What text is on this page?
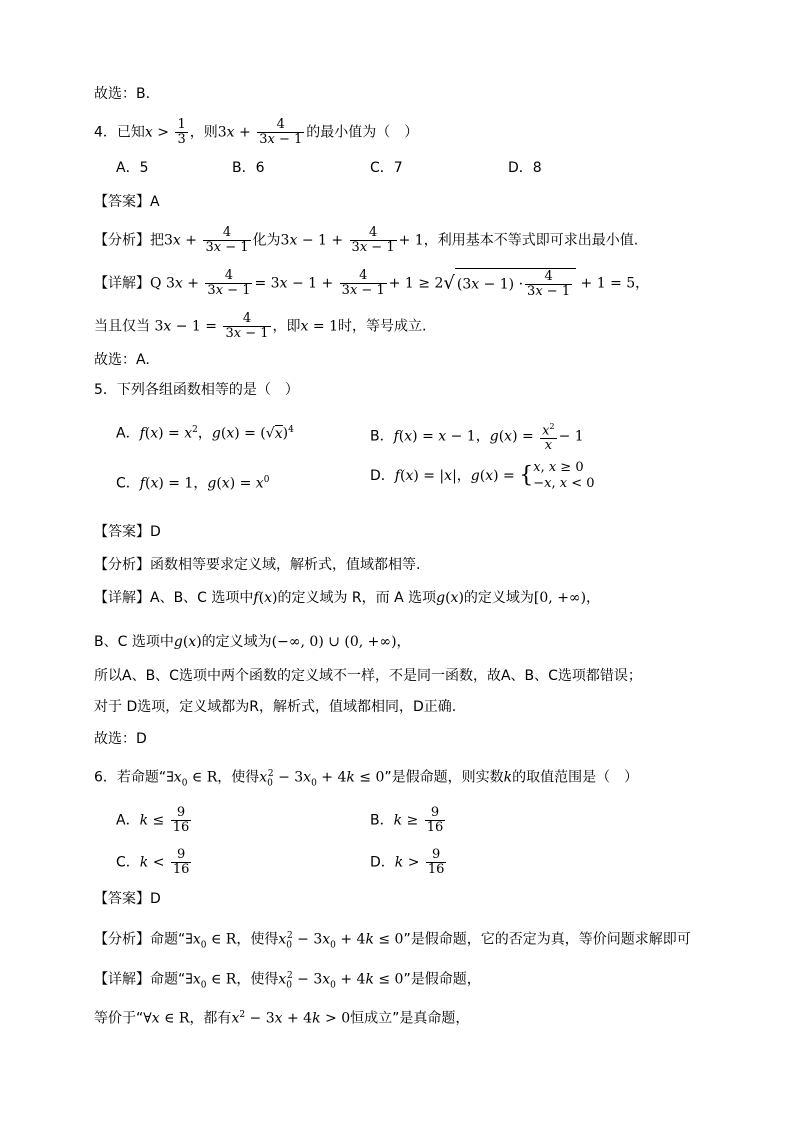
故选：B.
4．已知$x > \frac{1}{3}$ ，则$3x + \frac{4}{3x - 1}$ 的最小值为（　）
A．5	B．6	C．7	D．8
【答案】A
【分析】把$3x + \frac{4}{3x - 1}$ 化为$3x - 1 + \frac{4}{3x - 1} + 1$，利用基本不等式即可求出最小值.
【详解】Q $3x + \frac{4}{3x - 1} = 3x - 1 + \frac{4}{3x - 1} + 1 \ge 2√$ $(3x - 1) \cdot \frac{4}{3x - 1} + 1 = 5$，
当且仅当 $3x - 1 = \frac{4}{3x - 1}$ ，即x = 1时，等号成立.
故选：A.
5．下列各组函数相等的是（　）
A．$f(x) = x^2$，$g(x) = (√x)^4$	B．f(x) = x − 1，$g(x) = \frac{x^2}{x} - 1$
C．f(x) = 1，$g(x) = x^0$	D．f(x) = |x|，g(x) = { x, x ≥ 0
−x, x < 0
【答案】D
【分析】函数相等要求定义域，解析式，值域都相等.
【详解】A、B、C 选项中f(x)的定义域为 R，而 A 选项g(x)的定义域为[0, +∞)，
B、C 选项中g(x)的定义域为(−∞, 0) ∪ (0, +∞)，
所以A、B、C选项中两个函数的定义域不一样，不是同一函数，故A、B、C选项都错误；
对于 D选项，定义域都为R，解析式，值域都相同，D正确.
故选：D
6．若命题“$\exists x_0$ ∈ R，使得$x_0^2 - 3x_0 + 4k \le 0$”是假命题，则实数k的取值范围是（　）
A．$k \le \frac{9}{16}$	B．$k \ge \frac{9}{16}$
C．$k < \frac{9}{16}$	D．$k > \frac{9}{16}$
【答案】D
【分析】命题“$\exists x_0$ ∈ R，使得$x_0^2 - 3x_0 + 4k \le 0$”是假命题，它的否定为真，等价问题求解即可
【详解】命题“$\exists x_0$ ∈ R，使得$x_0^2 - 3x_0 + 4k \le 0$”是假命题，
等价于“∀x ∈ R，都有$x^2 - 3x + 4k > 0$恒成立”是真命题，
